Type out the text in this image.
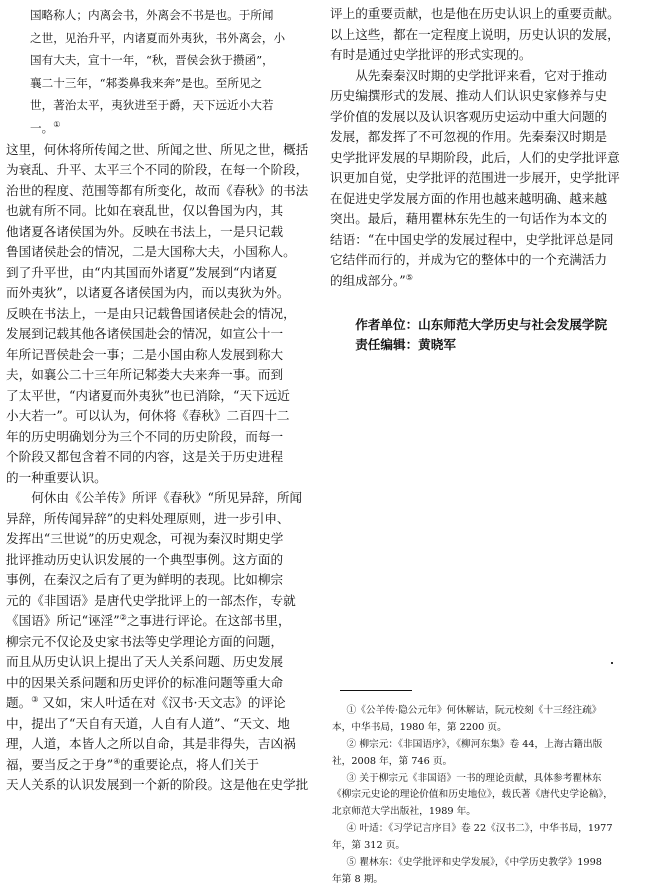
国略称人；内离会书，外离会不书是也。于所闻

之世，见治升平，内诸夏而外夷狄，书外离会，小

国有大夫，宣十一年，“秋，晋侯会狄于攒函”，

襄二十三年，“邾娄鼻我来奔”是也。至所见之

世，著治太平，夷狄进至于爵，天下远近小大若

一。①

这里，何休将所传闻之世、所闻之世、所见之世，概括

为衰乱、升平、太平三个不同的阶段，在每一个阶段，

治世的程度、范围等都有所变化，故而《春秋》的书法

也就有所不同。比如在衰乱世，仅以鲁国为内，其

他诸夏各诸侯国为外。反映在书法上，一是只记载

鲁国诸侯赴会的情况，二是大国称大夫，小国称人。

到了升平世，由“内其国而外诸夏”发展到“内诸夏

而外夷狄”，以诸夏各诸侯国为内，而以夷狄为外。

反映在书法上，一是由只记载鲁国诸侯赴会的情况，

发展到记载其他各诸侯国赴会的情况，如宣公十一

年所记晋侯赴会一事；二是小国由称人发展到称大

夫，如襄公二十三年所记邾娄大夫来奔一事。而到

了太平世，“内诸夏而外夷狄”也已消除，“天下远近

小大若一”。可以认为，何休将《春秋》二百四十二

年的历史明确划分为三个不同的历史阶段，而每一

个阶段又都包含着不同的内容，这是关于历史进程

的一种重要认识。

何休由《公羊传》所评《春秋》“所见异辞，所闻

异辞，所传闻异辞”的史料处理原则，进一步引申、

发挥出“三世说”的历史观念，可视为秦汉时期史学

批评推动历史认识发展的一个典型事例。这方面的

事例，在秦汉之后有了更为鲜明的表现。比如柳宗

元的《非国语》是唐代史学批评上的一部杰作，专就

《国语》所记“诬淫”②之事进行评论。在这部书里，

柳宗元不仅论及史家书法等史学理论方面的问题，

而且从历史认识上提出了天人关系问题、历史发展

中的因果关系问题和历史评价的标准问题等重大命

题。③ 又如，宋人叶适在对《汉书·天文志》的评论

中，提出了“天自有天道，人自有人道”、“天文、地

理，人道，本皆人之所以自命，其是非得失，吉凶祸

福，要当反之于身”④的重要论点，将人们关于

天人关系的认识发展到一个新的阶段。这是他在史学批

评上的重要贡献，也是他在历史认识上的重要贡献。

以上这些，都在一定程度上说明，历史认识的发展，

有时是通过史学批评的形式实现的。

从先秦秦汉时期的史学批评来看，它对于推动

历史编撰形式的发展、推动人们认识史家修养与史

学价值的发展以及认识客观历史运动中重大问题的

发展，都发挥了不可忽视的作用。先秦秦汉时期是

史学批评发展的早期阶段，此后，人们的史学批评意

识更加自觉，史学批评的范围进一步展开，史学批评

在促进史学发展方面的作用也越来越明确、越来越

突出。最后，藉用瞿林东先生的一句话作为本文的

结语：“在中国史学的发展过程中，史学批评总是同

它结伴而行的，并成为它的整体中的一个充满活力

的组成部分。”⑤

作者单位：山东师范大学历史与社会发展学院

责任编辑：黄晓军

①《公羊传·隐公元年》何休解诂，阮元校刻《十三经注疏》

本，中华书局，1980 年，第 2200 页。

② 柳宗元：《非国语序》，《柳河东集》卷 44，上海古籍出版

社，2008 年，第 746 页。

③ 关于柳宗元《非国语》一书的理论贡献，具体参考瞿林东

《柳宗元史论的理论价值和历史地位》，载氏著《唐代史学论稿》，

北京师范大学出版社，1989 年。

④ 叶适：《习学记言序目》卷 22《汉书二》，中华书局，1977

年，第 312 页。

⑤ 瞿林东：《史学批评和史学发展》，《中学历史教学》1998

年第 8 期。
